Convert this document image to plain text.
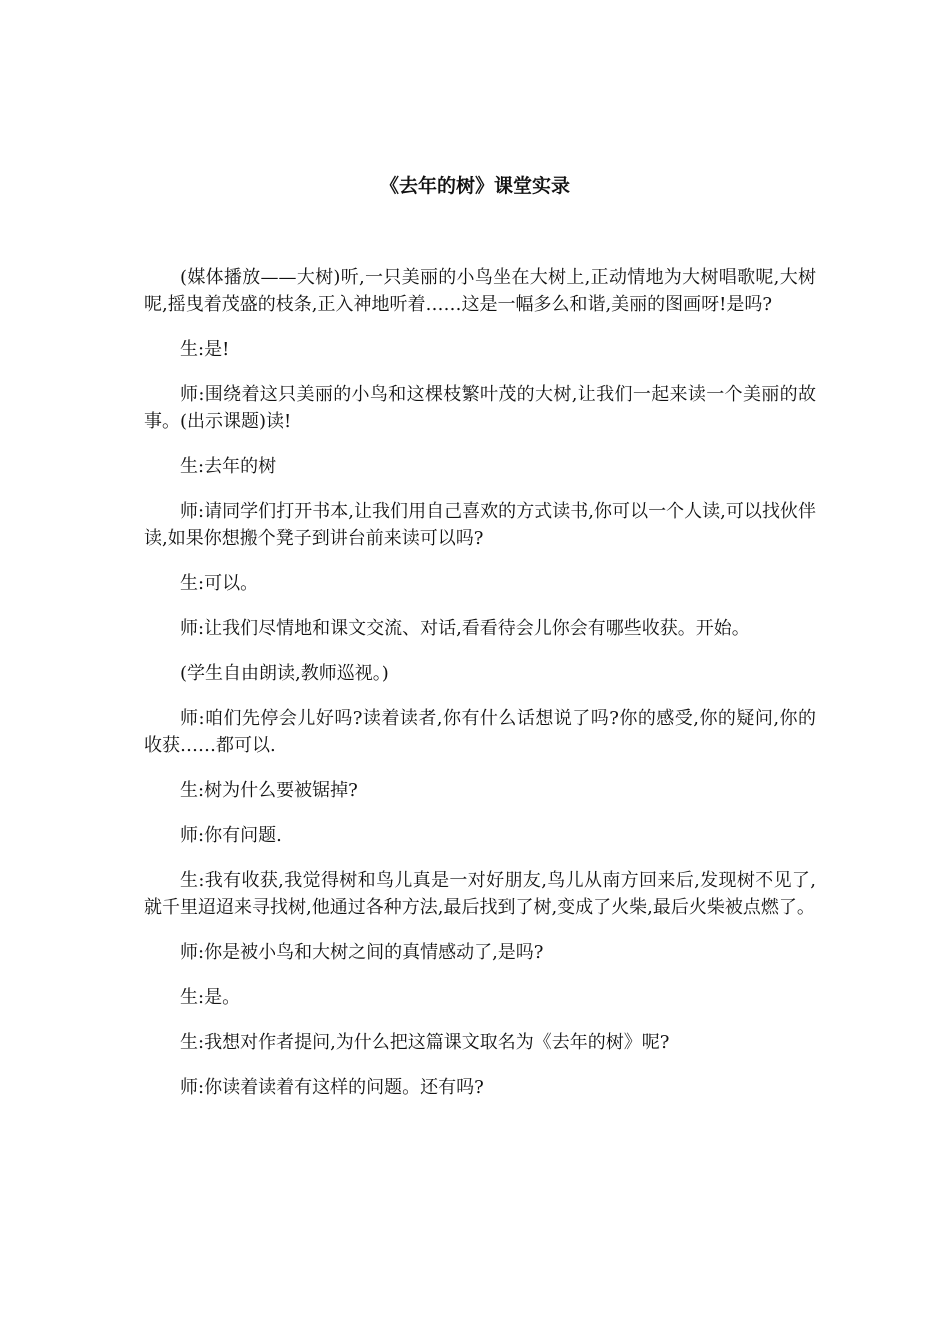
《去年的树》课堂实录

(媒体播放——大树)听,一只美丽的小鸟坐在大树上,正动情地为大树唱歌呢,大树呢,摇曳着茂盛的枝条,正入神地听着……这是一幅多么和谐,美丽的图画呀!是吗?

生:是!

师:围绕着这只美丽的小鸟和这棵枝繁叶茂的大树,让我们一起来读一个美丽的故事。(出示课题)读!

生:去年的树

师:请同学们打开书本,让我们用自己喜欢的方式读书,你可以一个人读,可以找伙伴读,如果你想搬个凳子到讲台前来读可以吗?

生:可以。

师:让我们尽情地和课文交流、对话,看看待会儿你会有哪些收获。开始。

(学生自由朗读,教师巡视。)

师:咱们先停会儿好吗?读着读者,你有什么话想说了吗?你的感受,你的疑问,你的收获……都可以.

生:树为什么要被锯掉?

师:你有问题.

生:我有收获,我觉得树和鸟儿真是一对好朋友,鸟儿从南方回来后,发现树不见了,就千里迢迢来寻找树,他通过各种方法,最后找到了树,变成了火柴,最后火柴被点燃了。

师:你是被小鸟和大树之间的真情感动了,是吗?

生:是。

生:我想对作者提问,为什么把这篇课文取名为《去年的树》呢?

师:你读着读着有这样的问题。还有吗?
